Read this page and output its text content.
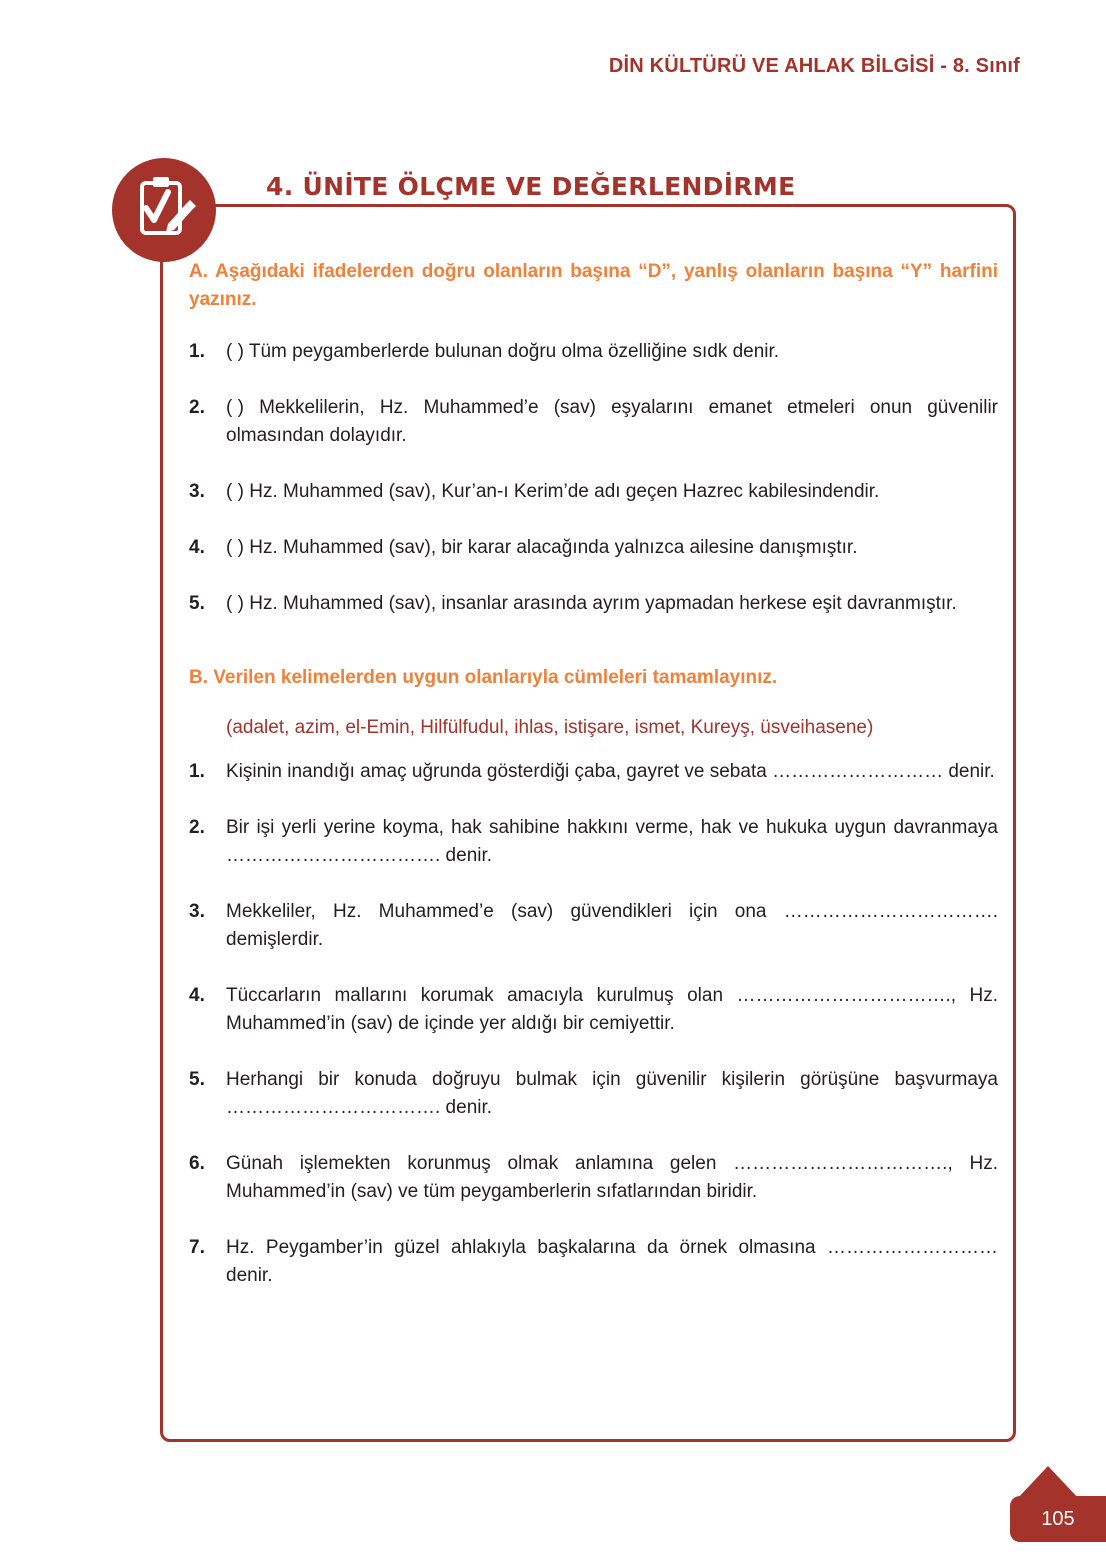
DİN KÜLTÜRÜ VE AHLAK BİLGİSİ - 8. Sınıf
4. ÜNİTE ÖLÇME VE DEĞERLENDİRME

A. Aşağıdaki ifadelerden doğru olanların başına “D”, yanlış olanların başına “Y” harfini yazınız.

1.	( ) Tüm peygamberlerde bulunan doğru olma özelliğine sıdk denir.
2.	( ) Mekkelilerin, Hz. Muhammed’e (sav) eşyalarını emanet etmeleri onun güvenilir olmasından dolayıdır.
3.	( ) Hz. Muhammed (sav), Kur’an-ı Kerim’de adı geçen Hazrec kabilesindendir.
4.	( ) Hz. Muhammed (sav), bir karar alacağında yalnızca ailesine danışmıştır.
5.	( ) Hz. Muhammed (sav), insanlar arasında ayrım yapmadan herkese eşit davranmıştır.

B. Verilen kelimelerden uygun olanlarıyla cümleleri tamamlayınız.

(adalet, azim, el-Emin, Hilfülfudul, ihlas, istişare, ismet, Kureyş, üsveihasene)

1.	Kişinin inandığı amaç uğrunda gösterdiği çaba, gayret ve sebata ……………………… denir.
2.	Bir işi yerli yerine koyma, hak sahibine hakkını verme, hak ve hukuka uygun davranmaya ……………………………. denir.
3.	Mekkeliler, Hz. Muhammed’e (sav) güvendikleri için ona ……………………………. demişlerdir.
4.	Tüccarların mallarını korumak amacıyla kurulmuş olan ……………………………., Hz. Muhammed’in (sav) de içinde yer aldığı bir cemiyettir.
5.	Herhangi bir konuda doğruyu bulmak için güvenilir kişilerin görüşüne başvurmaya ……………………………. denir.
6.	Günah işlemekten korunmuş olmak anlamına gelen ……………………………., Hz. Muhammed’in (sav) ve tüm peygamberlerin sıfatlarından biridir.
7.	Hz. Peygamber’in güzel ahlakıyla başkalarına da örnek olmasına ……………………… denir.
105
